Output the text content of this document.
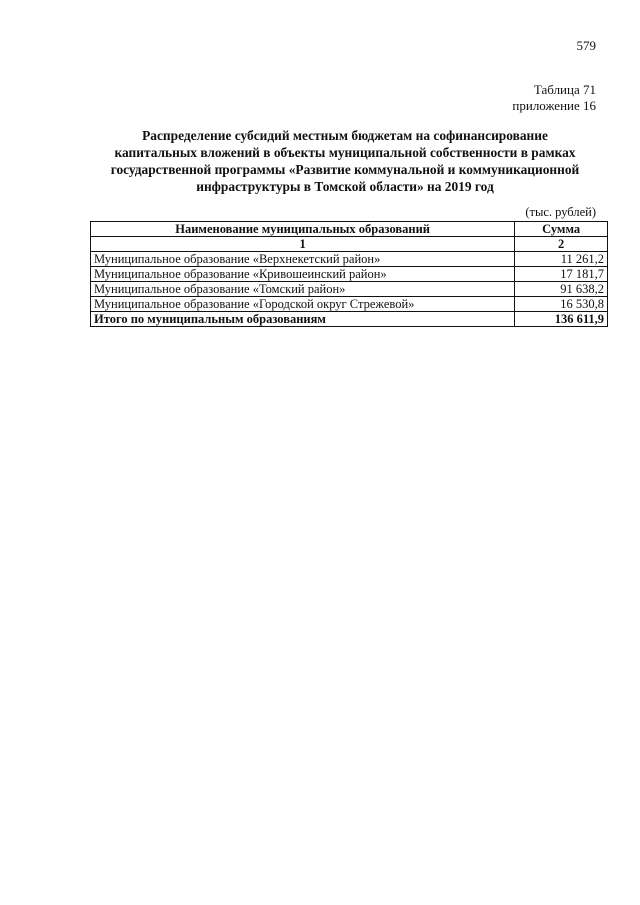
579
Таблица 71
приложение 16
Распределение субсидий местным бюджетам на софинансирование
капитальных вложений в объекты муниципальной собственности в рамках
государственной программы «Развитие коммунальной и коммуникационной
инфраструктуры в Томской области» на 2019 год
(тыс. рублей)
Наименование муниципальных образований	Сумма
1	2
Муниципальное образование «Верхнекетский район»	11 261,2
Муниципальное образование «Кривошеинский район»	17 181,7
Муниципальное образование «Томский район»	91 638,2
Муниципальное образование «Городской округ Стрежевой»	16 530,8
Итого по муниципальным образованиям	136 611,9
